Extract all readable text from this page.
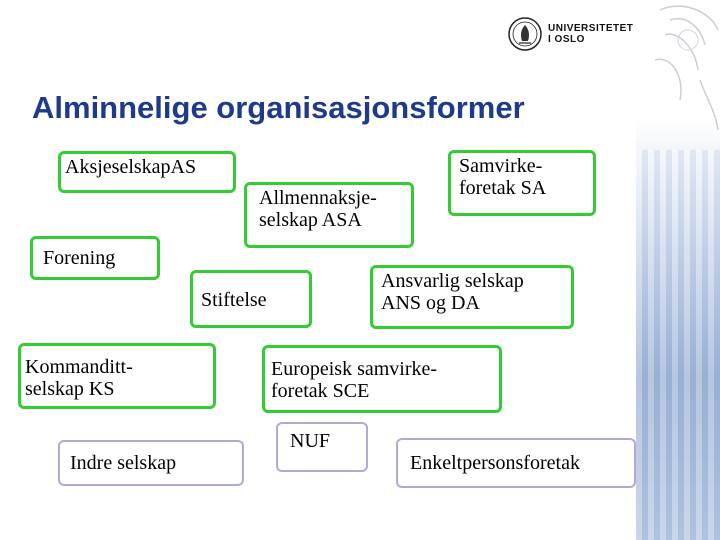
UNIVERSITETET
I OSLO
Alminnelige organisasjonsformer
AksjeselskapAS
Allmennaksje-
selskap ASA
Samvirke-
foretak SA
Forening
Stiftelse
Ansvarlig selskap
ANS og DA
Kommanditt-
selskap KS
Europeisk samvirke-
foretak SCE
Indre selskap
NUF
Enkeltpersonsforetak
